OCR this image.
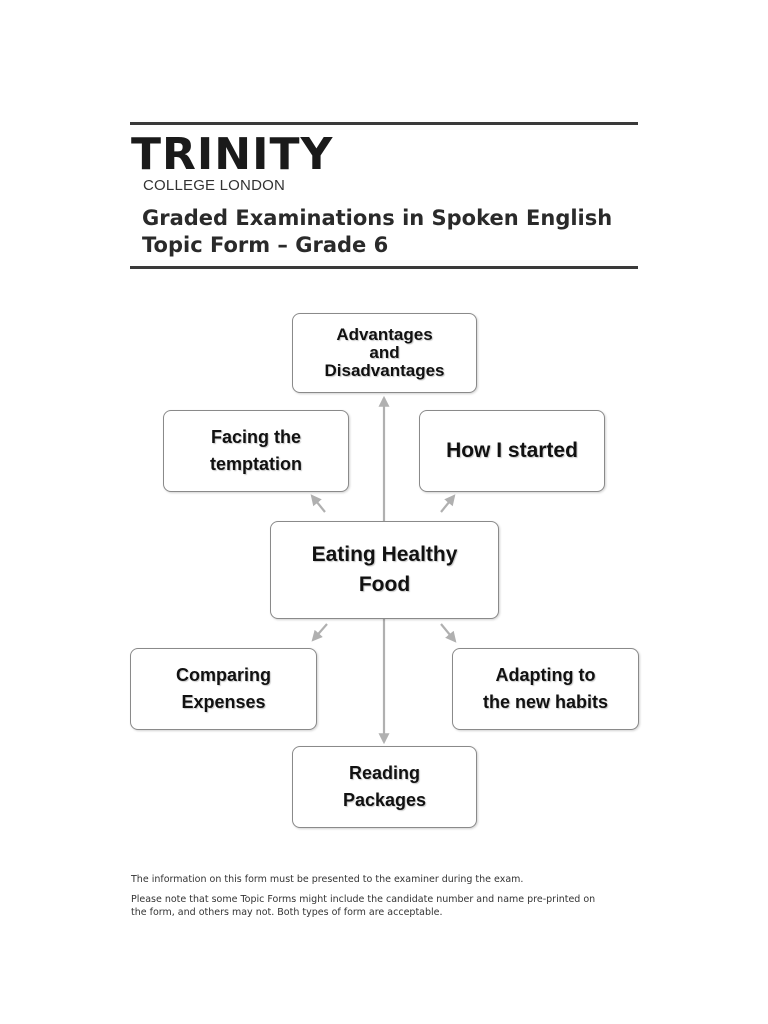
TRINITY
COLLEGE LONDON
Graded Examinations in Spoken English
Topic Form – Grade 6
Advantages
and
Disadvantages
Facing the
temptation
How I started
Eating Healthy
Food
Comparing
Expenses
Adapting to
the new habits
Reading
Packages
The information on this form must be presented to the examiner during the exam.
Please note that some Topic Forms might include the candidate number and name pre-printed on
the form, and others may not. Both types of form are acceptable.
